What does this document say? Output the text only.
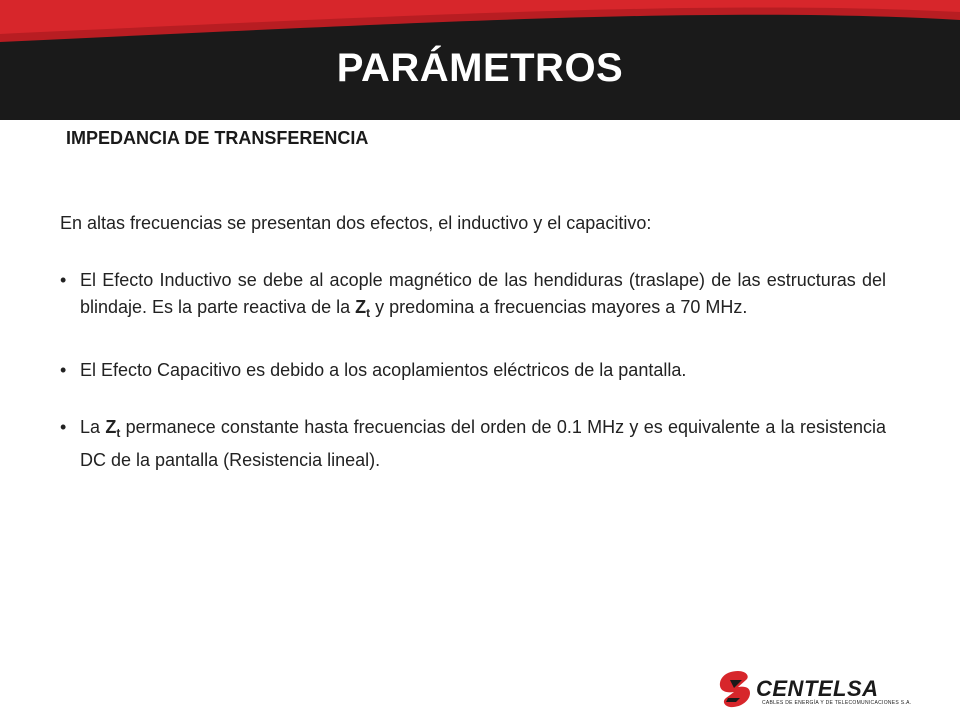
PARÁMETROS
IMPEDANCIA DE TRANSFERENCIA

En altas frecuencias se presentan dos efectos, el inductivo y el capacitivo:

• El Efecto Inductivo se debe al acople magnético de las hendiduras (traslape) de las estructuras del blindaje. Es la parte reactiva de la $Z_t$ y predomina a frecuencias mayores a 70 MHz.
• El Efecto Capacitivo es debido a los acoplamientos eléctricos de la pantalla.
• La $Z_t$ permanece constante hasta frecuencias del orden de 0.1 MHz y es equivalente a la resistencia DC de la pantalla (Resistencia lineal).
CENTELSA
CABLES DE ENERGÍA Y DE TELECOMUNICACIONES S.A.
